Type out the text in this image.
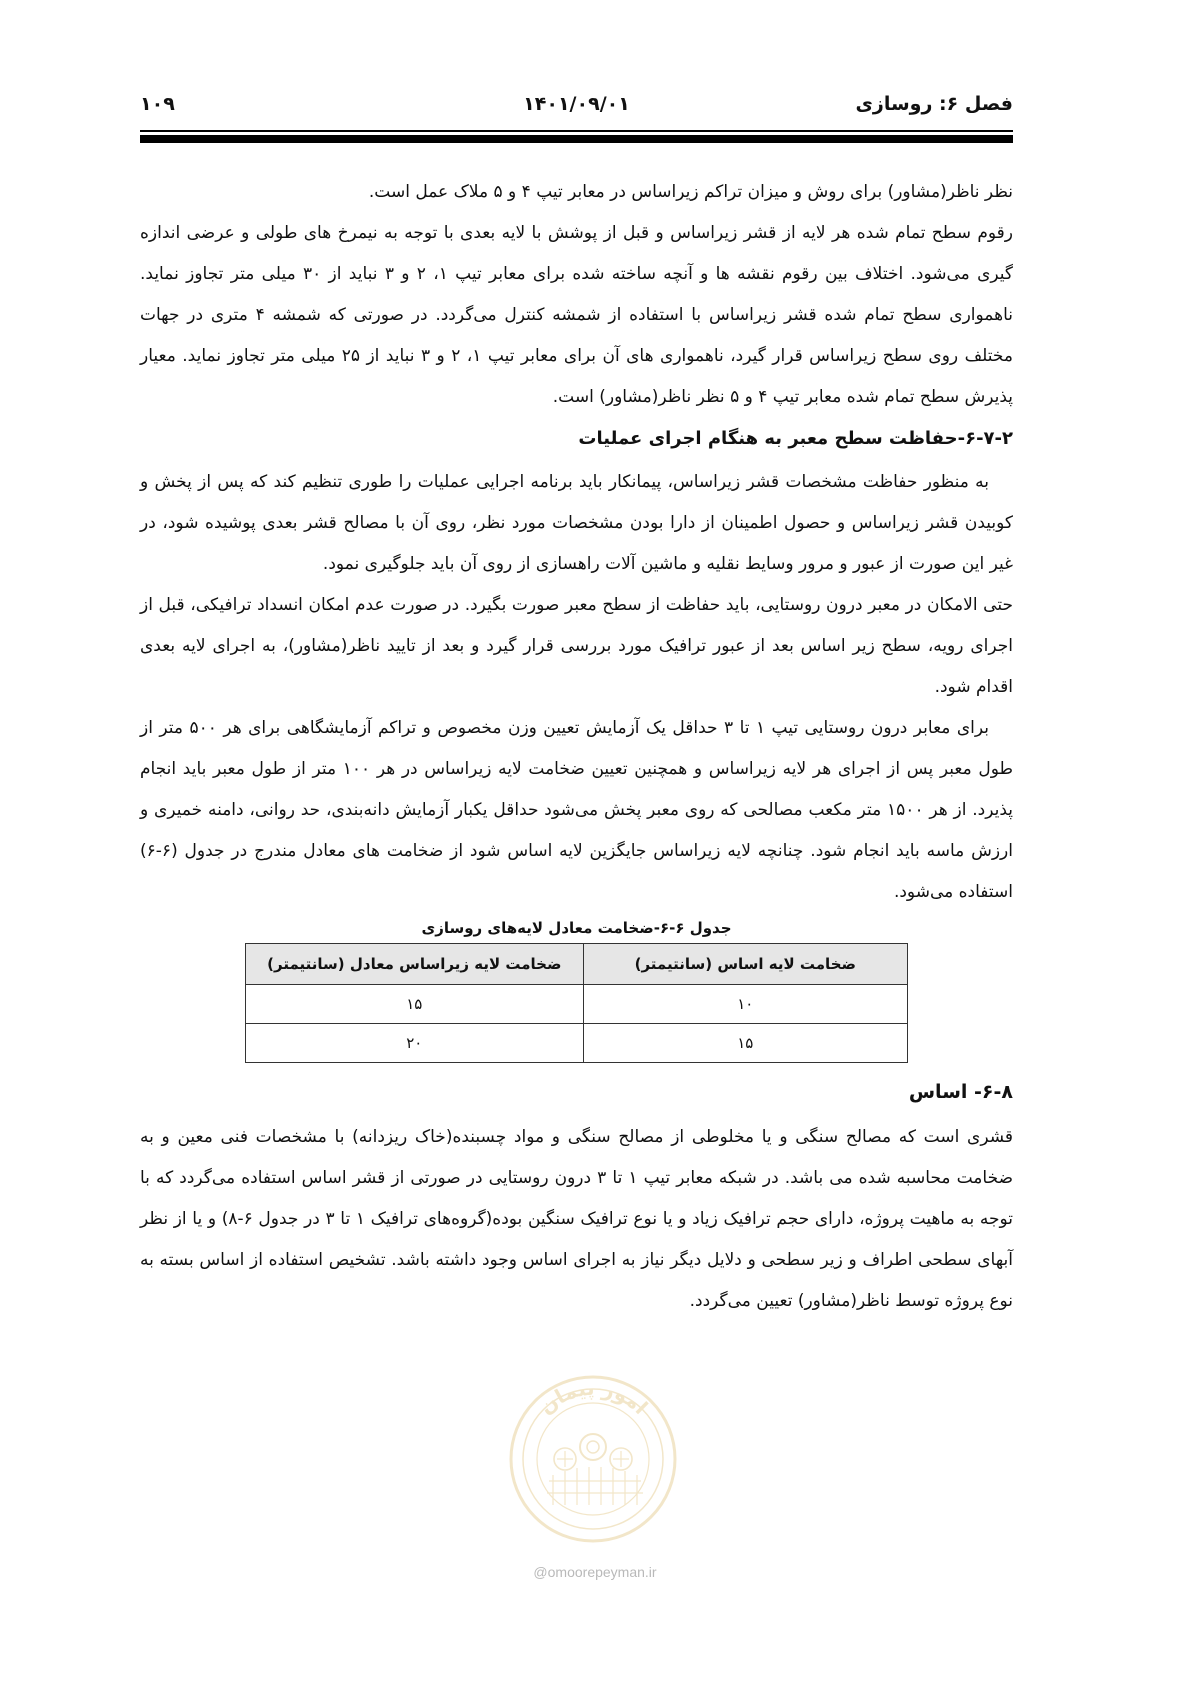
فصل ۶: روسازی
۱۴۰۱/۰۹/۰۱
۱۰۹

نظر ناظر(مشاور) برای روش و میزان تراکم زیراساس در معابر تیپ ۴ و ۵ ملاک عمل است.

رقوم سطح تمام شده هر لایه از قشر زیراساس و قبل از پوشش با لایه بعدی با توجه به نیمرخ های طولی و عرضی اندازه گیری می‌شود. اختلاف بین رقوم نقشه ها و آنچه ساخته شده برای معابر تیپ ۱، ۲ و ۳ نباید از ۳۰ میلی متر تجاوز نماید. ناهمواری سطح تمام شده قشر زیراساس با استفاده از شمشه کنترل می‌گردد. در صورتی که شمشه ۴ متری در جهات مختلف روی سطح زیراساس قرار گیرد، ناهمواری های آن برای معابر تیپ ۱، ۲ و ۳ نباید از ۲۵ میلی متر تجاوز نماید. معیار پذیرش سطح تمام شده معابر تیپ ۴ و ۵ نظر ناظر(مشاور) است.

۶-۷-۲-حفاظت سطح معبر به هنگام اجرای عملیات

به منظور حفاظت مشخصات قشر زیراساس، پیمانکار باید برنامه اجرایی عملیات را طوری تنظیم کند که پس از پخش و کوبیدن قشر زیراساس و حصول اطمینان از دارا بودن مشخصات مورد نظر، روی آن با مصالح قشر بعدی پوشیده شود، در غیر این صورت از عبور و مرور وسایط نقلیه و ماشین آلات راهسازی از روی آن باید جلوگیری نمود.

حتی الامکان در معبر درون روستایی، باید حفاظت از سطح معبر صورت بگیرد. در صورت عدم امکان انسداد ترافیکی، قبل از اجرای رویه، سطح زیر اساس بعد از عبور ترافیک مورد بررسی قرار گیرد و بعد از تایید ناظر(مشاور)، به اجرای لایه بعدی اقدام شود.

برای معابر درون روستایی تیپ ۱ تا ۳ حداقل یک آزمایش تعیین وزن مخصوص و تراکم آزمایشگاهی برای هر ۵۰۰ متر از طول معبر پس از اجرای هر لایه زیراساس و همچنین تعیین ضخامت لایه زیراساس در هر ۱۰۰ متر از طول معبر باید انجام پذیرد. از هر ۱۵۰۰ متر مکعب مصالحی که روی معبر پخش می‌شود حداقل یکبار آزمایش دانه‌بندی، حد روانی، دامنه خمیری و ارزش ماسه باید انجام شود. چنانچه لایه زیراساس جایگزین لایه اساس شود از ضخامت های معادل مندرج در جدول (۶-۶) استفاده می‌شود.

جدول ۶-۶-ضخامت معادل لایه‌های روسازی
ضخامت لایه اساس (سانتیمتر)	ضخامت لایه زیراساس معادل (سانتیمتر)
۱۰	۱۵
۱۵	۲۰
۶-۸- اساس

قشری است که مصالح سنگی و یا مخلوطی از مصالح سنگی و مواد چسبنده(خاک ریزدانه) با مشخصات فنی معین و به ضخامت محاسبه شده می باشد. در شبکه معابر تیپ ۱ تا ۳ درون روستایی در صورتی از قشر اساس استفاده می‌گردد که با توجه به ماهیت پروژه، دارای حجم ترافیک زیاد و یا نوع ترافیک سنگین بوده(گروه‌های ترافیک ۱ تا ۳ در جدول ۶-۸) و یا از نظر آبهای سطحی اطراف و زیر سطحی و دلایل دیگر نیاز به اجرای اساس وجود داشته باشد. تشخیص استفاده از اساس بسته به نوع پروژه توسط ناظر(مشاور) تعیین می‌گردد.

امور پیمان
@omoorepeyman.ir
